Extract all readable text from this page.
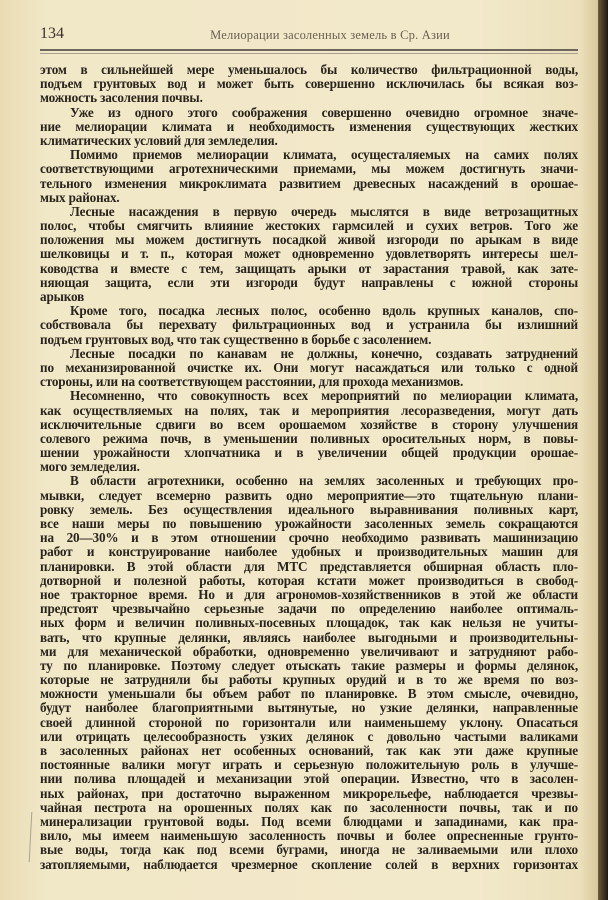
134	Мелиорации засоленных земель в Ср. Азии
этом в сильнейшей мере уменьшалось бы количество фильтрационной воды,
подъем грунтовых вод и может быть совершенно исключилась бы всякая воз-
можность засоления почвы.
Уже из одного этого соображения совершенно очевидно огромное значе-
ние мелиорации климата и необходимость изменения существующих жестких
климатических условий для земледелия.
Помимо приемов мелиорации климата, осущесталяемых на самих полях
соответствующими агротехническими приемами, мы можем достигнуть значи-
тельного изменения микроклимата развитием древесных насаждений в орошае-
мых районах.
Лесные насаждения в первую очередь мыслятся в виде ветрозащитных
полос, чтобы смягчить влияние жестоких гармсилей и сухих ветров. Того же
положения мы можем достигнуть посадкой живой изгороди по арыкам в виде
шелковицы и т. п., которая может одновременно удовлетворять интересы шел-
ководства и вместе с тем, защищать арыки от зарастания травой, как зате-
няющая защита, если эти изгороди будут направлены с южной стороны
арыков
Кроме того, посадка лесных полос, особенно вдоль крупных каналов, спо-
собствовала бы перехвату фильтрационных вод и устранила бы излишний
подъем грунтовых вод, что так существенно в борьбе с засолением.
Лесные посадки по канавам не должны, конечно, создавать затруднений
по механизированной очистке их. Они могут насаждаться или только с одной
стороны, или на соответствующем расстоянии, для прохода механизмов.
Несомненно, что совокупность всех мероприятий по мелиорации климата,
как осуществляемых на полях, так и мероприятия лесоразведения, могут дать
исключительные сдвиги во всем орошаемом хозяйстве в сторону улучшения
солевого режима почв, в уменьшении поливных оросительных норм, в повы-
шении урожайности хлопчатника и в увеличении общей продукции орошае-
мого земледелия.
В области агротехники, особенно на землях засоленных и требующих про-
мывки, следует всемерно развить одно мероприятие—это тщательную плани-
ровку земель. Без осуществления идеального выравнивания поливных карт,
все наши меры по повышению урожайности засоленных земель сокращаются
на 20—30% и в этом отношении срочно необходимо развивать машинизацию
работ и конструирование наиболее удобных и производительных машин для
планировки. В этой области для МТС представляется обширная область пло-
дотворной и полезной работы, которая кстати может производиться в свобод-
ное тракторное время. Но и для агрономов-хозяйственников в этой же области
предстоят чрезвычайно серьезные задачи по определению наиболее оптималь-
ных форм и величин поливных-посевных площадок, так как нельзя не учиты-
вать, что крупные делянки, являясь наиболее выгодными и производительны-
ми для механической обработки, одновременно увеличивают и затрудняют рабо-
ту по планировке. Поэтому следует отыскать такие размеры и формы делянок,
которые не затрудняли бы работы крупных орудий и в то же время по воз-
можности уменьшали бы объем работ по планировке. В этом смысле, очевидно,
будут наиболее благоприятными вытянутые, но узкие делянки, направленные
своей длинной стороной по горизонтали или наименьшему уклону. Опасаться
или отрицать целесообразность узких делянок с довольно частыми валиками
в засоленных районах нет особенных оснований, так как эти даже крупные
постоянные валики могут играть и серьезную положительную роль в улучше-
нии полива площадей и механизации этой операции. Известно, что в засолен-
ных районах, при достаточно выраженном микрорельефе, наблюдается чрезвы-
чайная пестрота на орошенных полях как по засоленности почвы, так и по
минерализации грунтовой воды. Под всеми блюдцами и западинами, как пра-
вило, мы имеем наименьшую засоленность почвы и более опресненные грунто-
вые воды, тогда как под всеми буграми, иногда не заливаемыми или плохо
затопляемыми, наблюдается чрезмерное скопление солей в верхних горизонтах
